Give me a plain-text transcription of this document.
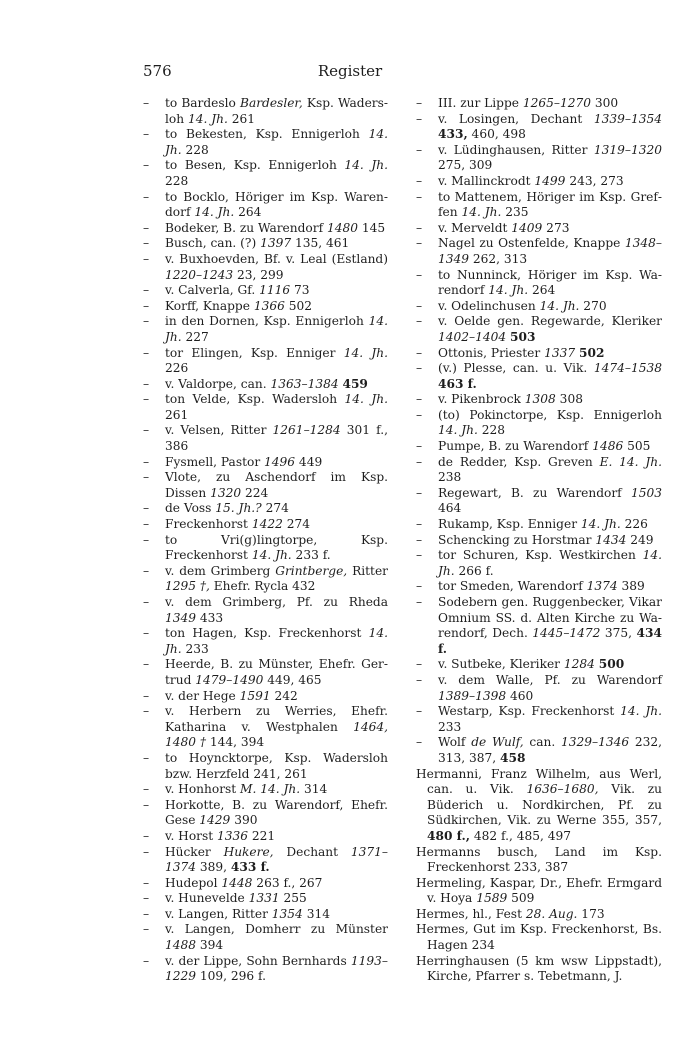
576	Register
– to Bardeslo Bardesler, Ksp. Wadersloh 14. Jh. 261
– to Bekesten, Ksp. Ennigerloh 14. Jh. 228
– to Besen, Ksp. Ennigerloh 14. Jh. 228
– to Bocklo, Höriger im Ksp. Warendorf 14. Jh. 264
– Bodeker, B. zu Warendorf 1480 145
– Busch, can. (?) 1397 135, 461
– v. Buxhoevden, Bf. v. Leal (Estland) 1220–1243 23, 299
– v. Calverla, Gf. 1116 73
– Korff, Knappe 1366 502
– in den Dornen, Ksp. Ennigerloh 14. Jh. 227
– tor Elingen, Ksp. Enniger 14. Jh. 226
– v. Valdorpe, can. 1363–1384 459
– ton Velde, Ksp. Wadersloh 14. Jh. 261
– v. Velsen, Ritter 1261–1284 301 f., 386
– Fysmell, Pastor 1496 449
– Vlote, zu Aschendorf im Ksp. Dissen 1320 224
– de Voss 15. Jh.? 274
– Freckenhorst 1422 274
– to Vri(g)lingtorpe, Ksp. Freckenhorst 14. Jh. 233 f.
– v. dem Grimberg Grintberge, Ritter 1295 †, Ehefr. Rycla 432
– v. dem Grimberg, Pf. zu Rheda 1349 433
– ton Hagen, Ksp. Freckenhorst 14. Jh. 233
– Heerde, B. zu Münster, Ehefr. Gertrud 1479–1490 449, 465
– v. der Hege 1591 242
– v. Herbern zu Werries, Ehefr. Katharina v. Westphalen 1464, 1480 † 144, 394
– to Hoyncktorpe, Ksp. Wadersloh bzw. Herzfeld 241, 261
– v. Honhorst M. 14. Jh. 314
– Horkotte, B. zu Warendorf, Ehefr. Gese 1429 390
– v. Horst 1336 221
– Hücker Hukere, Dechant 1371–1374 389, 433 f.
– Hudepol 1448 263 f., 267
– v. Hunevelde 1331 255
– v. Langen, Ritter 1354 314
– v. Langen, Domherr zu Münster 1488 394
– v. der Lippe, Sohn Bernhards 1193–1229 109, 296 f.
– III. zur Lippe 1265–1270 300
– v. Losingen, Dechant 1339–1354 433, 460, 498
– v. Lüdinghausen, Ritter 1319–1320 275, 309
– v. Mallinckrodt 1499 243, 273
– to Mattenem, Höriger im Ksp. Greffen 14. Jh. 235
– v. Merveldt 1409 273
– Nagel zu Ostenfelde, Knappe 1348–1349 262, 313
– to Nunninck, Höriger im Ksp. Warendorf 14. Jh. 264
– v. Odelinchusen 14. Jh. 270
– v. Oelde gen. Regewarde, Kleriker 1402–1404 503
– Ottonis, Priester 1337 502
– (v.) Plesse, can. u. Vik. 1474–1538 463 f.
– v. Pikenbrock 1308 308
– (to) Pokinctorpe, Ksp. Ennigerloh 14. Jh. 228
– Pumpe, B. zu Warendorf 1486 505
– de Redder, Ksp. Greven E. 14. Jh. 238
– Regewart, B. zu Warendorf 1503 464
– Rukamp, Ksp. Enniger 14. Jh. 226
– Schencking zu Horstmar 1434 249
– tor Schuren, Ksp. Westkirchen 14. Jh. 266 f.
– tor Smeden, Warendorf 1374 389
– Sodebern gen. Ruggenbecker, Vikar Omnium SS. d. Alten Kirche zu Warendorf, Dech. 1445–1472 375, 434 f.
– v. Sutbeke, Kleriker 1284 500
– v. dem Walle, Pf. zu Warendorf 1389–1398 460
– Westarp, Ksp. Freckenhorst 14. Jh. 233
– Wolf de Wulf, can. 1329–1346 232, 313, 387, 458
Hermanni, Franz Wilhelm, aus Werl, can. u. Vik. 1636–1680, Vik. zu Büderich u. Nordkirchen, Pf. zu Südkirchen, Vik. zu Werne 355, 357, 480 f., 482 f., 485, 497
Hermanns busch, Land im Ksp. Freckenhorst 233, 387
Hermeling, Kaspar, Dr., Ehefr. Ermgard v. Hoya 1589 509
Hermes, hl., Fest 28. Aug. 173
Hermes, Gut im Ksp. Freckenhorst, Bs. Hagen 234
Herringhausen (5 km wsw Lippstadt), Kirche, Pfarrer s. Tebetmann, J.
